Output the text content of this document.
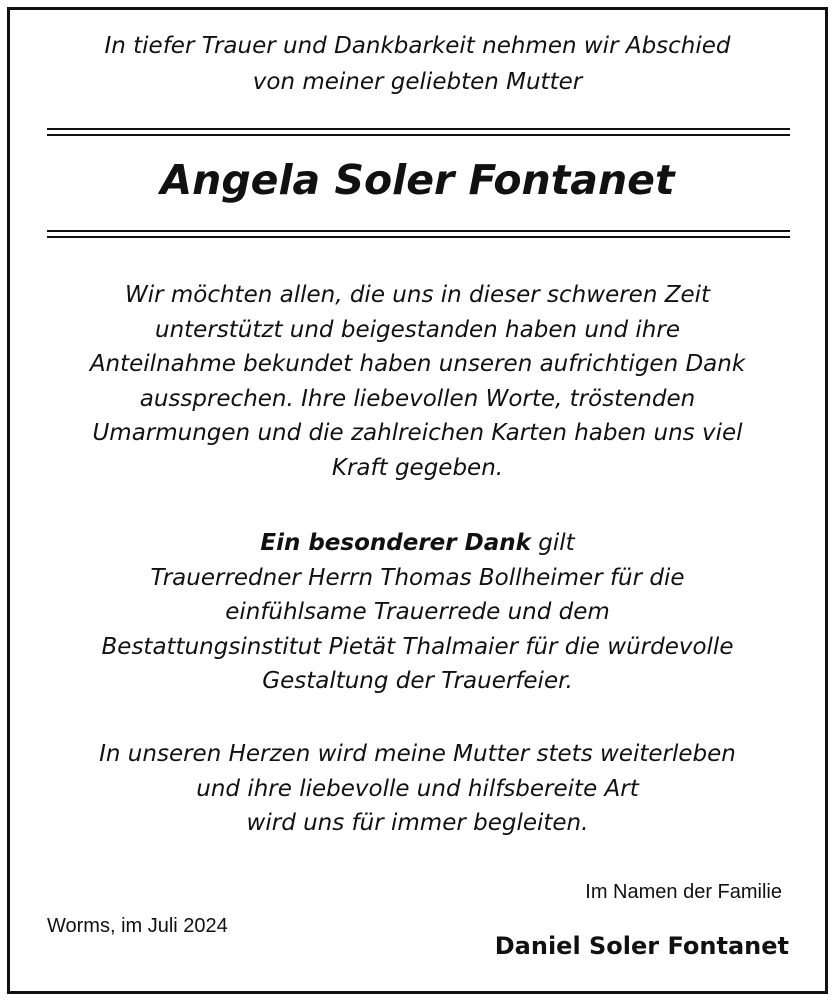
In tiefer Trauer und Dankbarkeit nehmen wir Abschied
von meiner geliebten Mutter
Angela Soler Fontanet
Wir möchten allen, die uns in dieser schweren Zeit
unterstützt und beigestanden haben und ihre
Anteilnahme bekundet haben unseren aufrichtigen Dank
aussprechen. Ihre liebevollen Worte, tröstenden
Umarmungen und die zahlreichen Karten haben uns viel
Kraft gegeben.
Ein besonderer Dank gilt
Trauerredner Herrn Thomas Bollheimer für die
einfühlsame Trauerrede und dem
Bestattungsinstitut Pietät Thalmaier für die würdevolle
Gestaltung der Trauerfeier.
In unseren Herzen wird meine Mutter stets weiterleben
und ihre liebevolle und hilfsbereite Art
wird uns für immer begleiten.
Im Namen der Familie
Worms, im Juli 2024
Daniel Soler Fontanet
